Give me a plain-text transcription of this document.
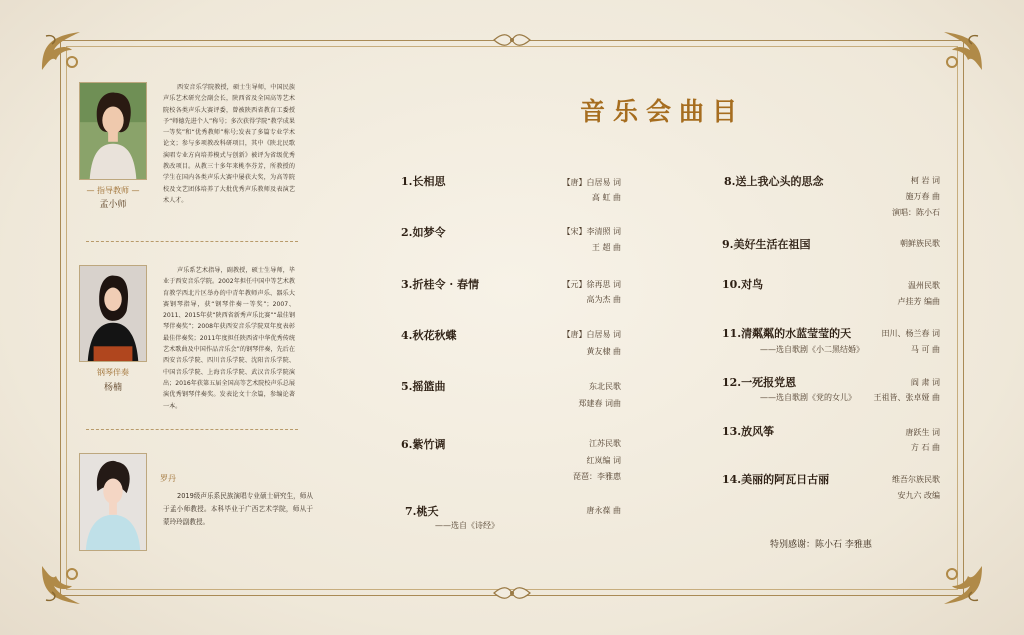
— 指导教师 —
孟小师
西安音乐学院教授，硕士生导师，中国民族声乐艺术研究会副会长，陕西省及全国高等艺术院校各类声乐大赛评委，曾被陕西省教育工委授予“师德先进个人”称号；多次获得学院“教学成果一等奖”和“优秀教师”称号;发表了多篇专业学术论文；参与多项教改科研项目，其中《陕北民歌演唱专业方向培养模式与创新》被评为省级优秀教改项目。从教三十多年来桃李芬芳，所教授的学生在国内各类声乐大赛中屡获大奖，为高等院校及文艺团体培养了大批优秀声乐教师及表演艺术人才。
钢琴伴奏
杨楠
声乐系艺术指导，副教授，硕士生导师，毕业于西安音乐学院。2002年担任中国中等艺术教育教学西北片区举办的中青年教师声乐、器乐大赛钢琴指导，获“钢琴伴奏一等奖”；2007、2011、2015年获“陕西省新秀声乐比赛”“最佳钢琴伴奏奖”；2008年获西安音乐学院双年度表彰最佳伴奏奖；2011年度担任陕西省中华优秀传统艺术歌曲及中国作品音乐会”的钢琴伴奏，先后在西安音乐学院、四川音乐学院、沈阳音乐学院、中国音乐学院、上海音乐学院、武汉音乐学院演出；2016年获第五届全国高等艺术院校声乐总展演优秀钢琴伴奏奖。发表论文十余篇，参编论著一本。
罗丹
2019级声乐系民族演唱专业硕士研究生，师从于孟小师教授。本科毕业于广西艺术学院，师从于蒙玲玲副教授。
音乐会曲目
1.长相思	【唐】白居易 词
高 虹 曲
2.如梦令	【宋】李清照 词
王 超 曲
3.折桂令 · 春情	【元】徐再思 词
高为杰 曲
4.秋花秋蝶	【唐】白居易 词
黄友棣 曲
5.摇篮曲	东北民歌
郑建春 词曲
6.紫竹调	江苏民歌
红岚编 词
琵琶：李雅惠
7.桃夭
——选自《诗经》
唐永葆 曲
8.送上我心头的思念	柯 岩 词
施万春 曲
演唱：陈小石
9.美好生活在祖国	朝鲜族民歌
10.对鸟	温州民歌
卢挂芳 编曲
11.清粼粼的水蓝莹莹的天
——选自歌剧《小二黑结婚》
田川、杨兰春 词
马 可 曲
12.一死报党恩
——选自歌剧《党的女儿》
阎 肃 词
王祖皆、张卓娅 曲
13.放风筝	唐跃生 词
方 石 曲
14.美丽的阿瓦日古丽	维吾尔族民歌
安九六 改编
特别感谢：陈小石 李雅惠
